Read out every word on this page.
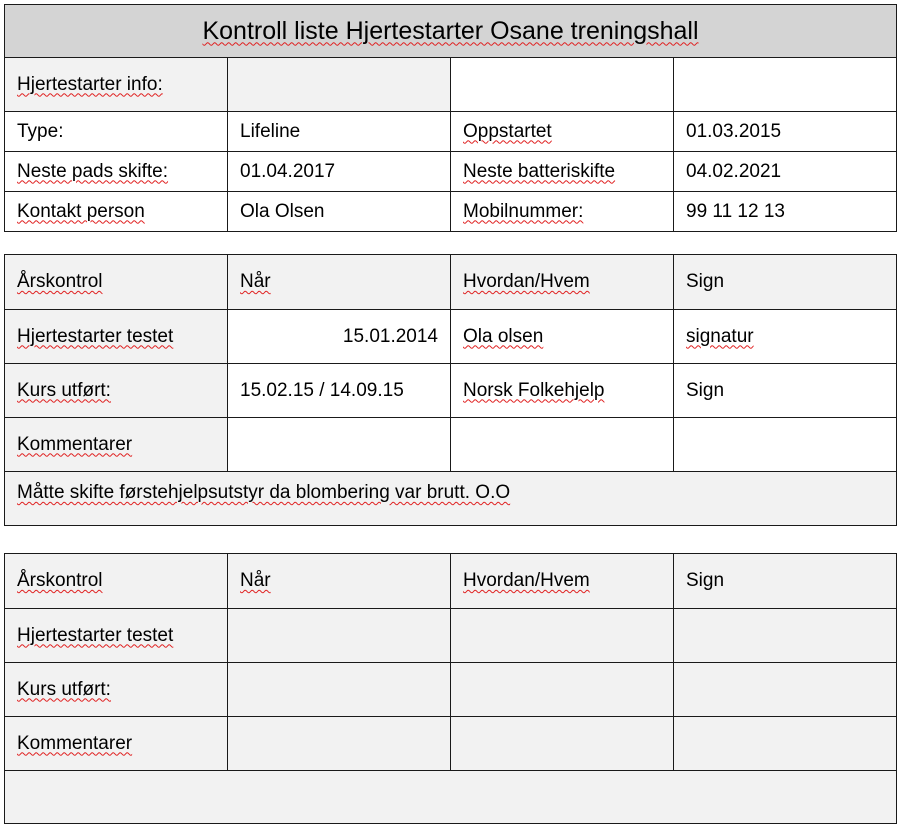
Kontroll liste Hjertestarter Osane treningshall			
Hjertestarter info:			
Type:	Lifeline	Oppstartet	01.03.2015
Neste pads skifte:	01.04.2017	Neste batteriskifte	04.02.2021
Kontakt person	Ola Olsen	Mobilnummer:	99 11 12 13
Årskontrol	Når	Hvordan/Hvem	Sign
Hjertestarter testet	15.01.2014	Ola olsen	signatur
Kurs utført:	15.02.15 / 14.09.15	Norsk Folkehjelp	Sign
Kommentarer			
Måtte skifte førstehjelpsutstyr da blombering var brutt. O.O			
Årskontrol	Når	Hvordan/Hvem	Sign
Hjertestarter testet			
Kurs utført:			
Kommentarer			
